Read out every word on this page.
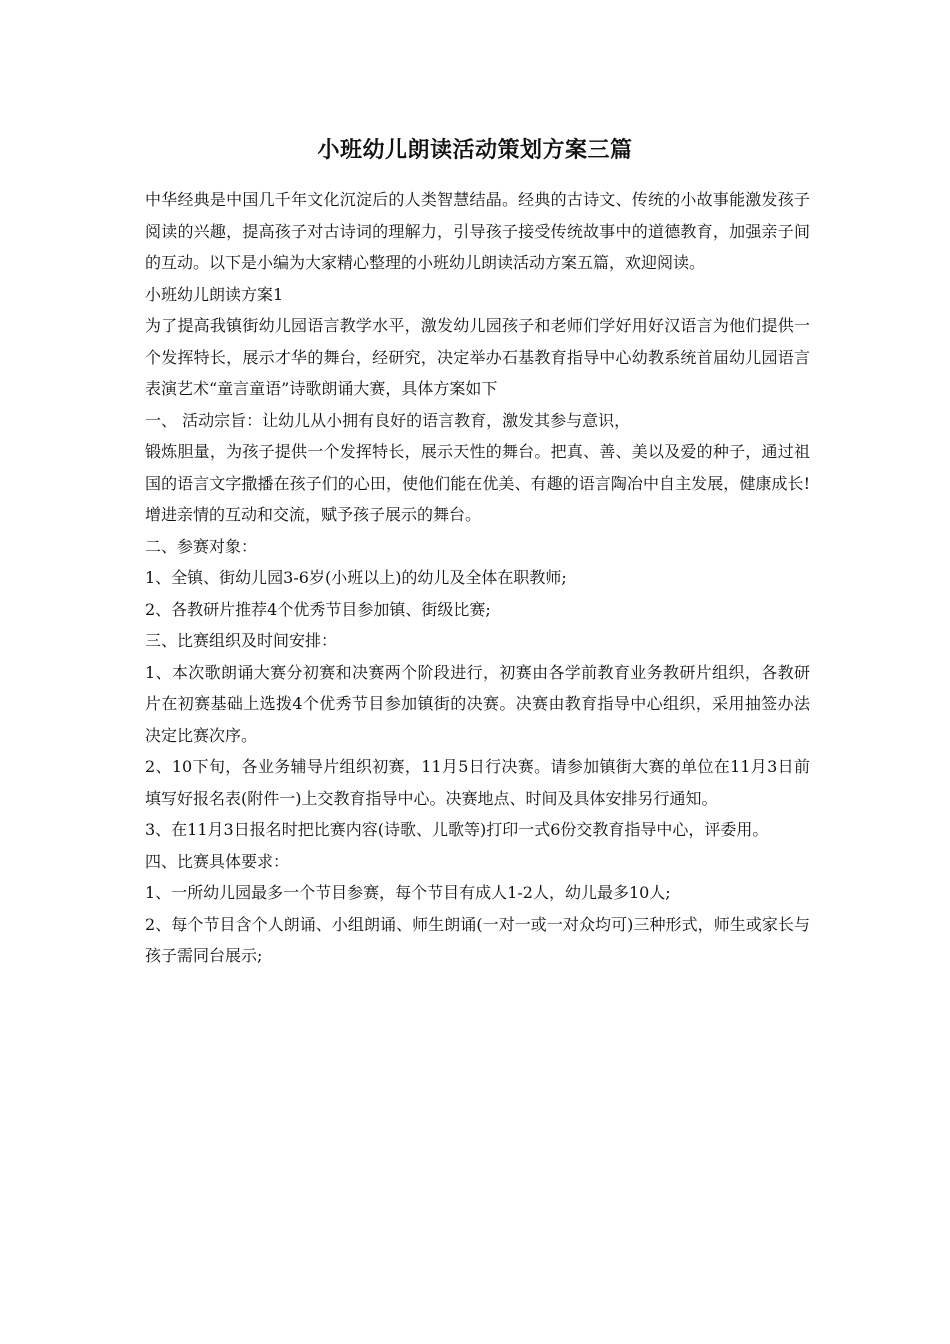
小班幼儿朗读活动策划方案三篇

中华经典是中国几千年文化沉淀后的人类智慧结晶。经典的古诗文、传统的小故事能激发孩子阅读的兴趣，提高孩子对古诗词的理解力，引导孩子接受传统故事中的道德教育，加强亲子间的互动。以下是小编为大家精心整理的小班幼儿朗读活动方案五篇，欢迎阅读。

小班幼儿朗读方案1

为了提高我镇街幼儿园语言教学水平，激发幼儿园孩子和老师们学好用好汉语言为他们提供一个发挥特长，展示才华的舞台，经研究，决定举办石基教育指导中心幼教系统首届幼儿园语言表演艺术“童言童语”诗歌朗诵大赛，具体方案如下

一、 活动宗旨：让幼儿从小拥有良好的语言教育，激发其参与意识，

锻炼胆量，为孩子提供一个发挥特长，展示天性的舞台。把真、善、美以及爱的种子，通过祖国的语言文字撒播在孩子们的心田，使他们能在优美、有趣的语言陶冶中自主发展，健康成长!增进亲情的互动和交流，赋予孩子展示的舞台。

二、参赛对象：

1、全镇、街幼儿园3-6岁(小班以上)的幼儿及全体在职教师;

2、各教研片推荐4个优秀节目参加镇、街级比赛;

三、比赛组织及时间安排：

1、本次歌朗诵大赛分初赛和决赛两个阶段进行，初赛由各学前教育业务教研片组织，各教研片在初赛基础上选拨4个优秀节目参加镇街的决赛。决赛由教育指导中心组织，采用抽签办法决定比赛次序。

2、10下旬，各业务辅导片组织初赛，11月5日行决赛。请参加镇街大赛的单位在11月3日前填写好报名表(附件一)上交教育指导中心。决赛地点、时间及具体安排另行通知。

3、在11月3日报名时把比赛内容(诗歌、儿歌等)打印一式6份交教育指导中心，评委用。

四、比赛具体要求：

1、一所幼儿园最多一个节目参赛，每个节目有成人1-2人，幼儿最多10人;

2、每个节目含个人朗诵、小组朗诵、师生朗诵(一对一或一对众均可)三种形式，师生或家长与孩子需同台展示;
